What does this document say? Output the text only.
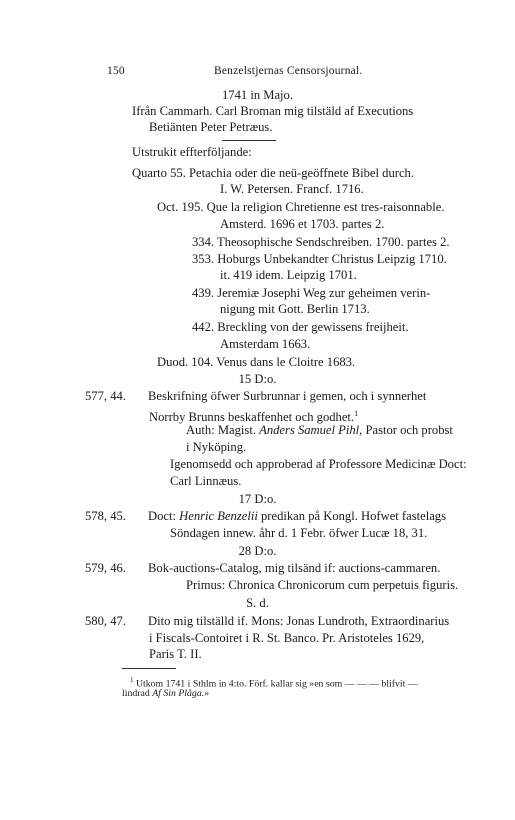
150	Benzelstjernas Censorsjournal.
1741 in Majo.
Ifrån Cammarh. Carl Broman mig tilstäld af Executions
Betiänten Peter Petræus.
Utstrukit effterföljande:
Quarto 55. Petachia oder die neü-geöffnete Bibel durch.
I. W. Petersen. Francf. 1716.
Oct. 195. Que la religion Chretienne est tres-raisonnable.
Amsterd. 1696 et 1703. partes 2.
334. Theosophische Sendschreiben. 1700. partes 2.
353. Hoburgs Unbekandter Christus Leipzig 1710.
it. 419 idem. Leipzig 1701.
439. Jeremiæ Josephi Weg zur geheimen verin-
nigung mit Gott. Berlin 1713.
442. Breckling von der gewissens freijheit.
Amsterdam 1663.
Duod. 104. Venus dans le Cloitre 1683.
15 D:o.
577, 44. Beskrifning öfwer Surbrunnar i gemen, och i synnerhet
Norrby Brunns beskaffenhet och godhet.$^1$
Auth: Magist. Anders Samuel Pihl, Pastor och probst
i Nyköping.
Igenomsedd och approberad af Professore Medicinæ Doct:
Carl Linnæus.
17 D:o.
578, 45. Doct: Henric Benzelii predikan på Kongl. Hofwet fastelags
Söndagen innew. åhr d. 1 Febr. öfwer Lucæ 18, 31.
28 D:o.
579, 46. Bok-auctions-Catalog, mig tilsänd if: auctions-cammaren.
Primus: Chronica Chronicorum cum perpetuis figuris.
S. d.
580, 47. Dito mig tilställd if. Mons: Jonas Lundroth, Extraordinarius
i Fiscals-Contoiret i R. St. Banco. Pr. Aristoteles 1629,
Paris T. II.
$^1$ Utkom 1741 i Sthlm in 4:to. Förf. kallar sig »en som — — — blifvit —
lindrad Af Sin Plåga.»
